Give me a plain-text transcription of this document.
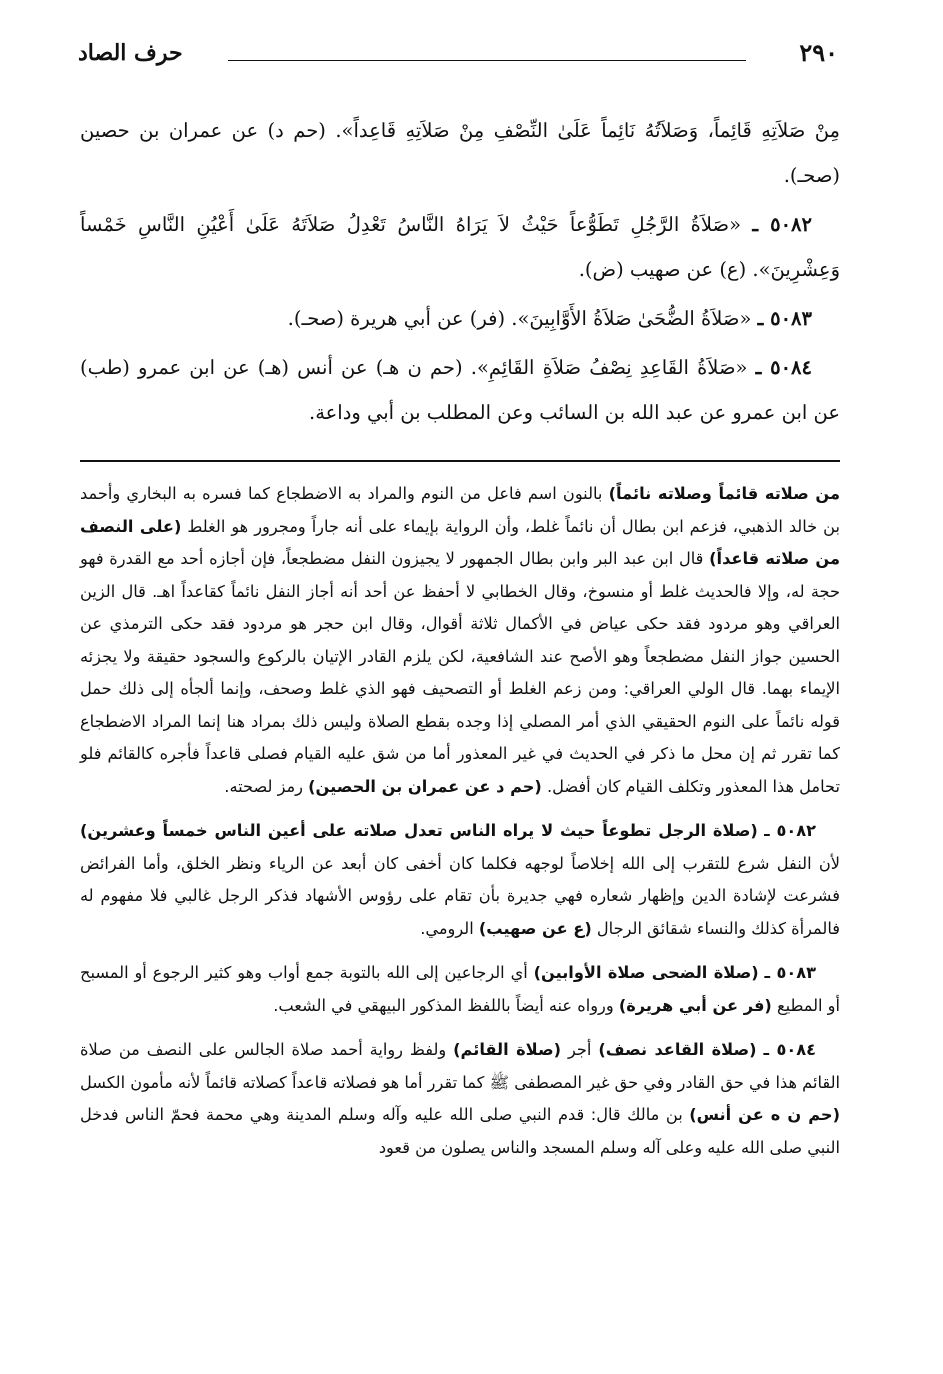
٢٩٠
حرف الصاد

مِنْ صَلاَتِهِ قَائِماً، وَصَلاَتُهُ نَائِماً عَلَىٰ النِّصْفِ مِنْ صَلاَتِهِ قَاعِداً». (حم د) عن عمران بن حصين (صحـ).

٥٠٨٢ ـ «صَلاَةُ الرَّجُلِ تَطَوُّعاً حَيْثُ لاَ يَرَاهُ النَّاسُ تَعْدِلُ صَلاَتَهُ عَلَىٰ أَعْيُنِ النَّاسِ خَمْساً وَعِشْرِينَ». (ع) عن صهيب (ض).

٥٠٨٣ ـ «صَلاَةُ الضُّحَىٰ صَلاَةُ الأَوَّابِينَ». (فر) عن أبي هريرة (صحـ).

٥٠٨٤ ـ «صَلاَةُ القَاعِدِ نِصْفُ صَلاَةِ القَائِمِ». (حم ن هـ) عن أنس (هـ) عن ابن عمرو (طب) عن ابن عمرو عن عبد الله بن السائب وعن المطلب بن أبي وداعة.

من صلاته قائماً وصلاته نائماً) بالنون اسم فاعل من النوم والمراد به الاضطجاع كما فسره به البخاري وأحمد بن خالد الذهبي، فزعم ابن بطال أن نائماً غلط، وأن الرواية بإيماء على أنه جاراً ومجرور هو الغلط (على النصف من صلاته قاعداً) قال ابن عبد البر وابن بطال الجمهور لا يجيزون النفل مضطجعاً، فإن أجازه أحد مع القدرة فهو حجة له، وإلا فالحديث غلط أو منسوخ، وقال الخطابي لا أحفظ عن أحد أنه أجاز النفل نائماً كقاعداً اهـ. قال الزين العراقي وهو مردود فقد حكى عياض في الأكمال ثلاثة أقوال، وقال ابن حجر هو مردود فقد حكى الترمذي عن الحسين جواز النفل مضطجعاً وهو الأصح عند الشافعية، لكن يلزم القادر الإتيان بالركوع والسجود حقيقة ولا يجزئه الإيماء بهما. قال الولي العراقي: ومن زعم الغلط أو التصحيف فهو الذي غلط وصحف، وإنما ألجأه إلى ذلك حمل قوله نائماً على النوم الحقيقي الذي أمر المصلي إذا وجده بقطع الصلاة وليس ذلك بمراد هنا إنما المراد الاضطجاع كما تقرر ثم إن محل ما ذكر في الحديث في غير المعذور أما من شق عليه القيام فصلى قاعداً فأجره كالقائم فلو تحامل هذا المعذور وتكلف القيام كان أفضل. (حم د عن عمران بن الحصين) رمز لصحته.

٥٠٨٢ ـ (صلاة الرجل تطوعاً حيث لا يراه الناس تعدل صلاته على أعين الناس خمساً وعشرين) لأن النفل شرع للتقرب إلى الله إخلاصاً لوجهه فكلما كان أخفى كان أبعد عن الرياء ونظر الخلق، وأما الفرائض فشرعت لإشادة الدين وإظهار شعاره فهي جديرة بأن تقام على رؤوس الأشهاد فذكر الرجل غالبي فلا مفهوم له فالمرأة كذلك والنساء شقائق الرجال (ع عن صهيب) الرومي.

٥٠٨٣ ـ (صلاة الضحى صلاة الأوابين) أي الرجاعين إلى الله بالتوبة جمع أواب وهو كثير الرجوع أو المسبح أو المطيع (فر عن أبي هريرة) ورواه عنه أيضاً باللفظ المذكور البيهقي في الشعب.

٥٠٨٤ ـ (صلاة القاعد نصف) أجر (صلاة القائم) ولفظ رواية أحمد صلاة الجالس على النصف من صلاة القائم هذا في حق القادر وفي حق غير المصطفى ﷺ كما تقرر أما هو فصلاته قاعداً كصلاته قائماً لأنه مأمون الكسل (حم ن ه عن أنس) بن مالك قال: قدم النبي صلى الله عليه وآله وسلم المدينة وهي محمة فحمّ الناس فدخل النبي صلى الله عليه وعلى آله وسلم المسجد والناس يصلون من قعود
